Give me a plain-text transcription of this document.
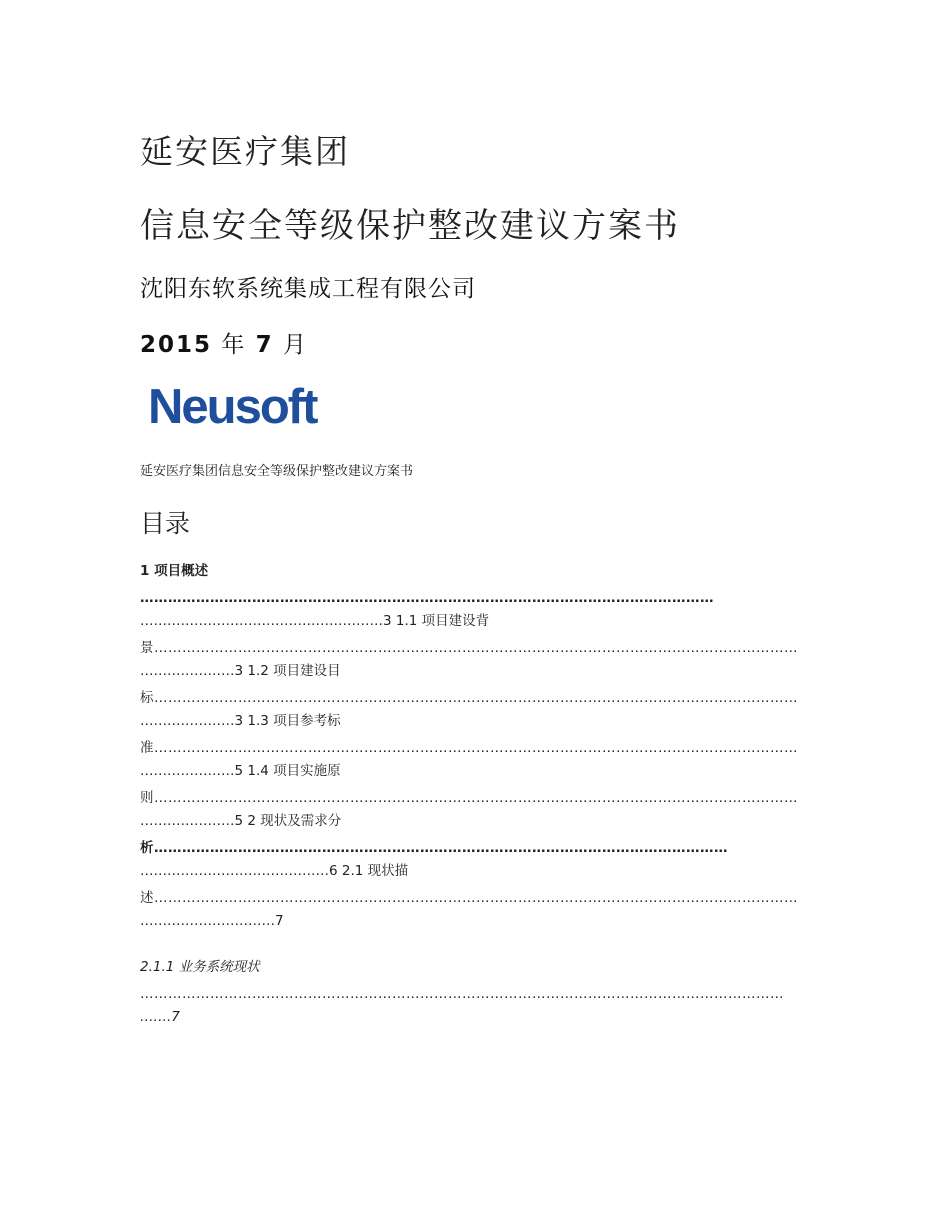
延安医疗集团
信息安全等级保护整改建议方案书
沈阳东软系统集成工程有限公司
2015 年 7 月
Neusoft
延安医疗集团信息安全等级保护整改建议方案书
目录
1 项目概述
……………………………………………………………………………………………………………
………………………………………………3 1.1 项目建设背
景…………………………………………………………………………………………………………………………
…………………3 1.2 项目建设目
标…………………………………………………………………………………………………………………………
…………………3 1.3 项目参考标
准…………………………………………………………………………………………………………………………
…………………5 1.4 项目实施原
则…………………………………………………………………………………………………………………………
…………………5 2 现状及需求分
析……………………………………………………………………………………………………………
……………………………………6 2.1 现状描
述…………………………………………………………………………………………………………………………
…………………………7
2.1.1 业务系统现状
…………………………………………………………………………………………………………………………
…….7
